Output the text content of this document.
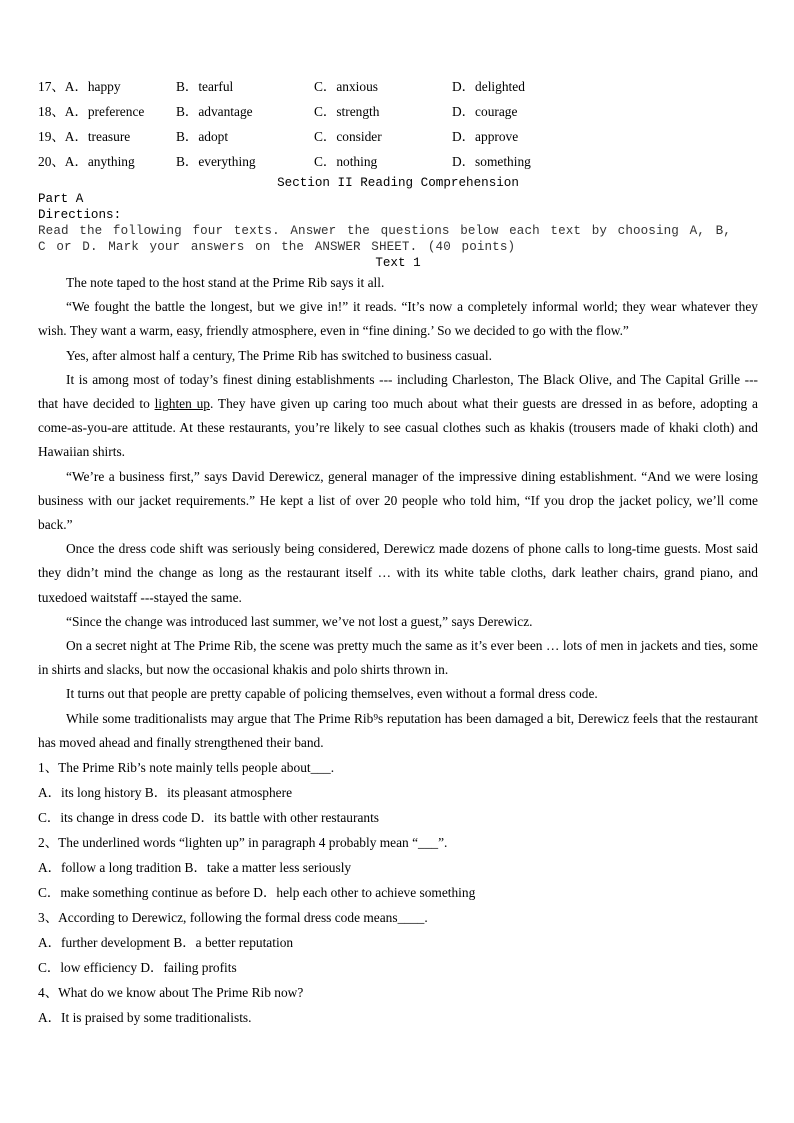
17、A．happy	B．tearful	C．anxious	D．delighted
18、A．preference B．advantage	C．strength	D．courage
19、A．treasure	B．adopt	C．consider	D．approve
20、A．anything	B．everything	C．nothing	D．something
Section II Reading Comprehension
Part A
Directions:
Read the following four texts. Answer the questions below each text by choosing A, B, C or D. Mark your answers on the ANSWER SHEET. (40 points)
Text 1

The note taped to the host stand at the Prime Rib says it all.

“We fought the battle the longest, but we give in!” it reads. “It’s now a completely informal world; they wear whatever they wish. They want a warm, easy, friendly atmosphere, even in “fine dining.’ So we decided to go with the flow.”

Yes, after almost half a century, The Prime Rib has switched to business casual.

It is among most of today’s finest dining establishments --- including Charleston, The Black Olive, and The Capital Grille --- that have decided to lighten up. They have given up caring too much about what their guests are dressed in as before, adopting a come-as-you-are attitude. At these restaurants, you’re likely to see casual clothes such as khakis (trousers made of khaki cloth) and Hawaiian shirts.

“We’re a business first,” says David Derewicz, general manager of the impressive dining establishment. “And we were losing business with our jacket requirements.” He kept a list of over 20 people who told him, “If you drop the jacket policy, we’ll come back.”

Once the dress code shift was seriously being considered, Derewicz made dozens of phone calls to long-time guests. Most said they didn’t mind the change as long as the restaurant itself … with its white table cloths, dark leather chairs, grand piano, and tuxedoed waitstaff ---stayed the same.

“Since the change was introduced last summer, we’ve not lost a guest,” says Derewicz.

On a secret night at The Prime Rib, the scene was pretty much the same as it’s ever been … lots of men in jackets and ties, some in shirts and slacks, but now the occasional khakis and polo shirts thrown in.

It turns out that people are pretty capable of policing themselves, even without a formal dress code.

While some traditionalists may argue that The Prime Rib⁹s reputation has been damaged a bit, Derewicz feels that the restaurant has moved ahead and finally strengthened their band.

1、The Prime Rib’s note mainly tells people about___.
A．its long history B．its pleasant atmosphere
C．its change in dress code D．its battle with other restaurants
2、The underlined words “lighten up” in paragraph 4 probably mean “___”.
A．follow a long tradition B．take a matter less seriously
C．make something continue as before D．help each other to achieve something
3、According to Derewicz, following the formal dress code means____.
A．further development B．a better reputation
C．low efficiency D．failing profits
4、What do we know about The Prime Rib now?
A．It is praised by some traditionalists.
